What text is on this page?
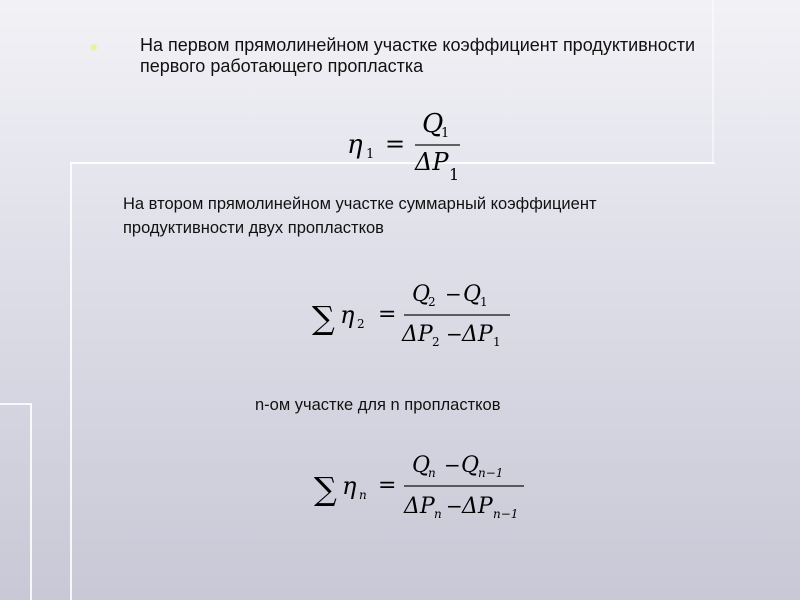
■ На первом прямолинейном участке коэффициент продуктивности первого работающего пропластка
η 1 =
Q
1
ΔP 1
На втором прямолинейном участке суммарный коэффициент продуктивности двух пропластков
∑ η 2 =
Q
2 − Q
1
ΔP 2 − ΔP 1
n-ом участке для n пропластков
∑ η n =
Q
n − Q
n−1
ΔP n − ΔP n−1
